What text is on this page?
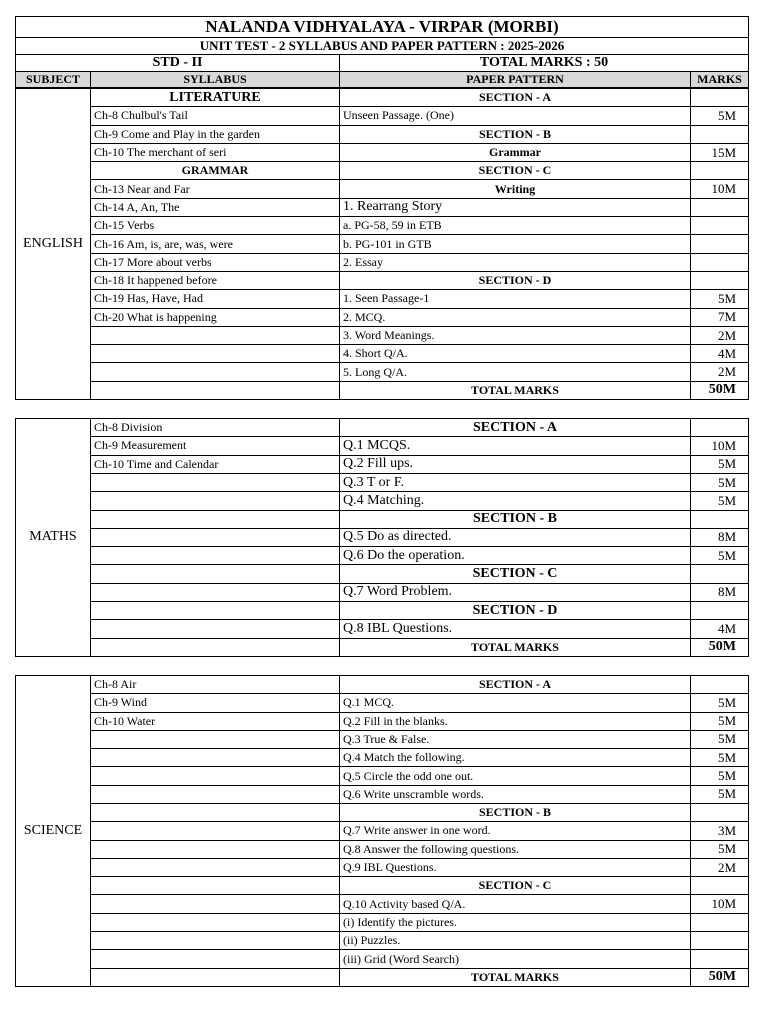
NALANDA VIDHYALAYA - VIRPAR (MORBI)			
UNIT TEST - 2 SYLLABUS AND PAPER PATTERN : 2025-2026			
STD - II		TOTAL MARKS : 50	
SUBJECT	SYLLABUS	PAPER PATTERN	MARKS
ENGLISH	LITERATURE	SECTION - A	
	Ch-8 Chulbul's Tail	Unseen Passage. (One)	5M
	Ch-9 Come and Play in the garden	SECTION - B	
	Ch-10 The merchant of seri	Grammar	15M
	GRAMMAR	SECTION - C	
	Ch-13 Near and Far	Writing	10M
	Ch-14 A, An, The	1. Rearrang Story	
	Ch-15 Verbs	a. PG-58, 59 in ETB	
	Ch-16 Am, is, are, was, were	b. PG-101 in GTB	
	Ch-17 More about verbs	2. Essay	
	Ch-18 It happened before	SECTION - D	
	Ch-19 Has, Have, Had	1. Seen Passage-1	5M
	Ch-20 What is happening	2. MCQ.	7M
		3. Word Meanings.	2M
		4. Short Q/A.	4M
		5. Long Q/A.	2M
		TOTAL MARKS	50M
MATHS	Ch-8 Division	SECTION - A	
	Ch-9 Measurement	Q.1 MCQS.	10M
	Ch-10 Time and Calendar	Q.2 Fill ups.	5M
		Q.3 T or F.	5M
		Q.4 Matching.	5M
		SECTION - B	
		Q.5 Do as directed.	8M
		Q.6 Do the operation.	5M
		SECTION - C	
		Q.7 Word Problem.	8M
		SECTION - D	
		Q.8 IBL Questions.	4M
		TOTAL MARKS	50M
SCIENCE	Ch-8 Air	SECTION - A	
	Ch-9 Wind	Q.1 MCQ.	5M
	Ch-10 Water	Q.2 Fill in the blanks.	5M
		Q.3 True & False.	5M
		Q.4 Match the following.	5M
		Q.5 Circle the odd one out.	5M
		Q.6 Write unscramble words.	5M
		SECTION - B	
		Q.7 Write answer in one word.	3M
		Q.8 Answer the following questions.	5M
		Q.9 IBL Questions.	2M
		SECTION - C	
		Q.10 Activity based Q/A.	10M
		(i) Identify the pictures.	
		(ii) Puzzles.	
		(iii) Grid (Word Search)	
		TOTAL MARKS	50M
